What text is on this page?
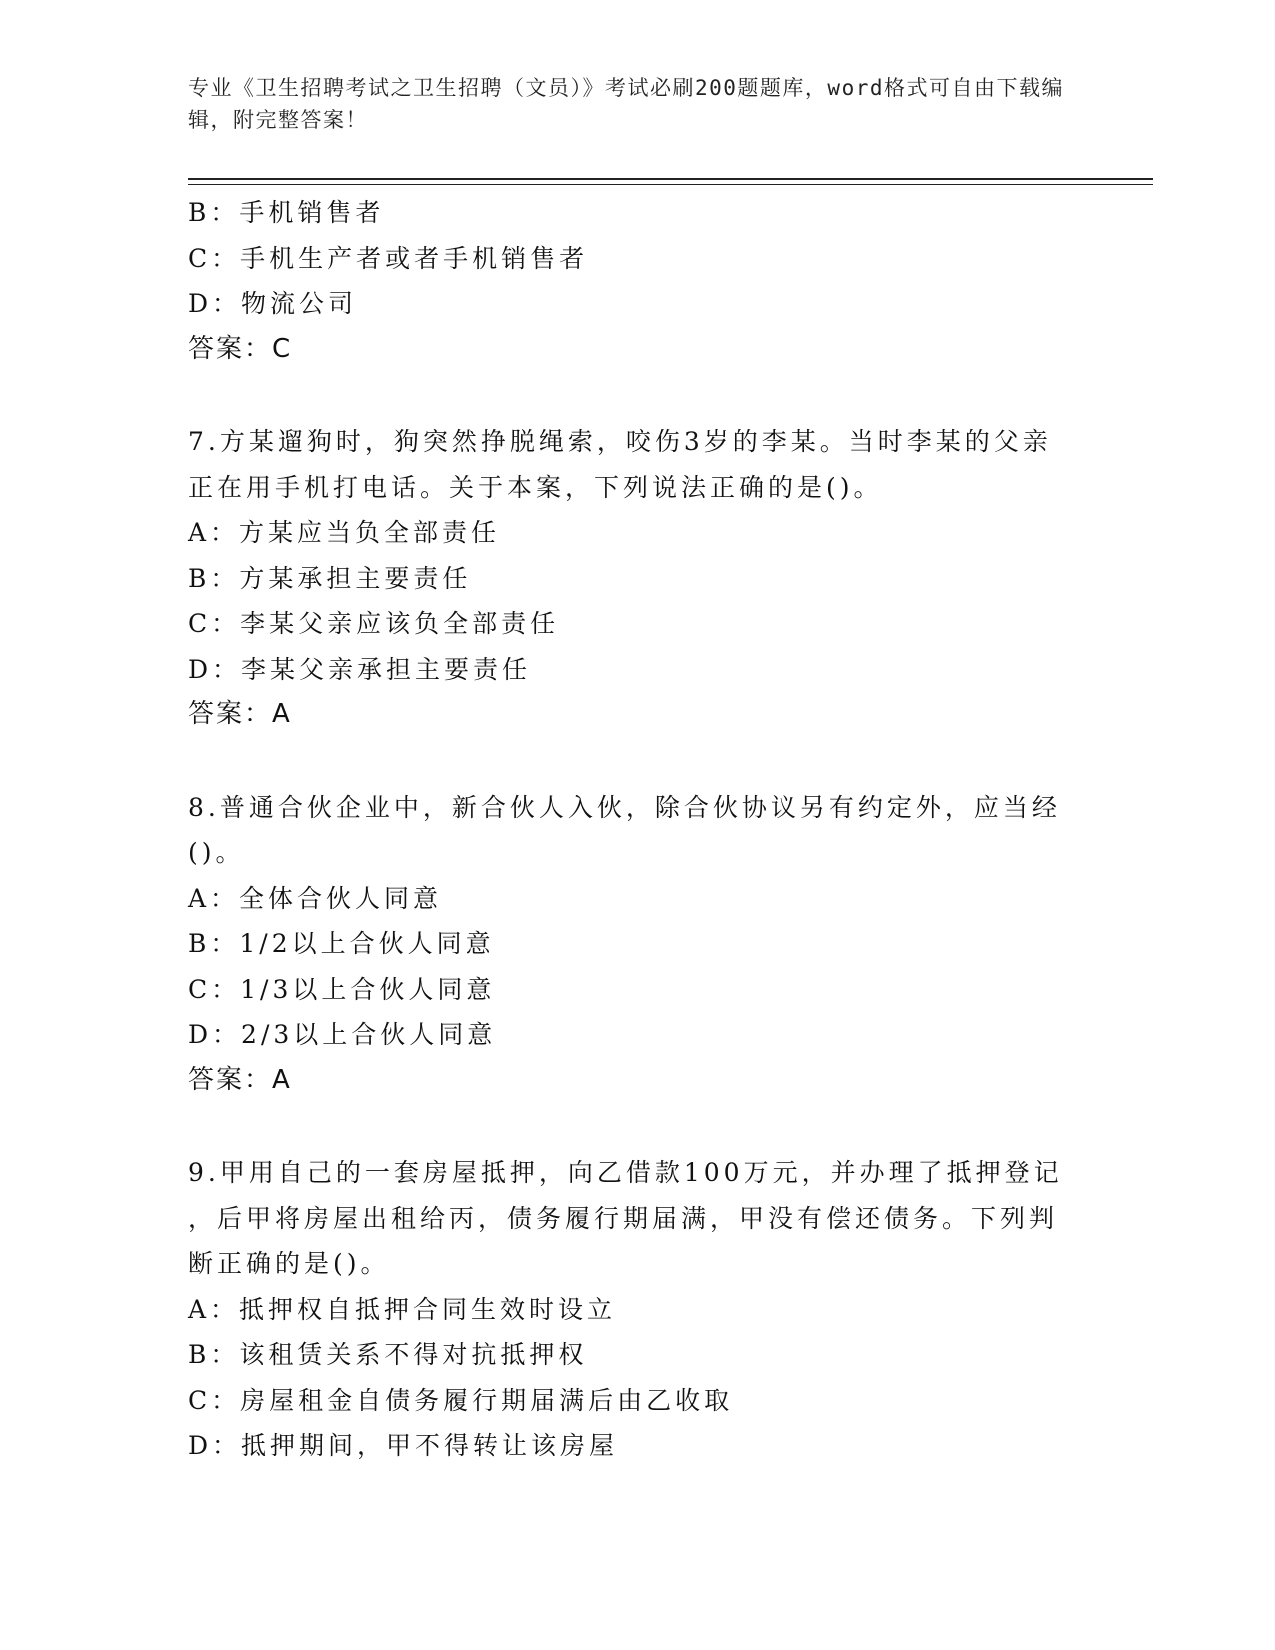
专业《卫生招聘考试之卫生招聘（文员）》考试必刷200题题库，word格式可自由下载编辑，附完整答案！
B：手机销售者
C：手机生产者或者手机销售者
D：物流公司
答案：C
7.方某遛狗时，狗突然挣脱绳索，咬伤3岁的李某。当时李某的父亲
正在用手机打电话。关于本案，下列说法正确的是()。
A：方某应当负全部责任
B：方某承担主要责任
C：李某父亲应该负全部责任
D：李某父亲承担主要责任
答案：A
8.普通合伙企业中，新合伙人入伙，除合伙协议另有约定外，应当经
()。
A：全体合伙人同意
B：1/2以上合伙人同意
C：1/3以上合伙人同意
D：2/3以上合伙人同意
答案：A
9.甲用自己的一套房屋抵押，向乙借款100万元，并办理了抵押登记
，后甲将房屋出租给丙，债务履行期届满，甲没有偿还债务。下列判
断正确的是()。
A：抵押权自抵押合同生效时设立
B：该租赁关系不得对抗抵押权
C：房屋租金自债务履行期届满后由乙收取
D：抵押期间，甲不得转让该房屋
